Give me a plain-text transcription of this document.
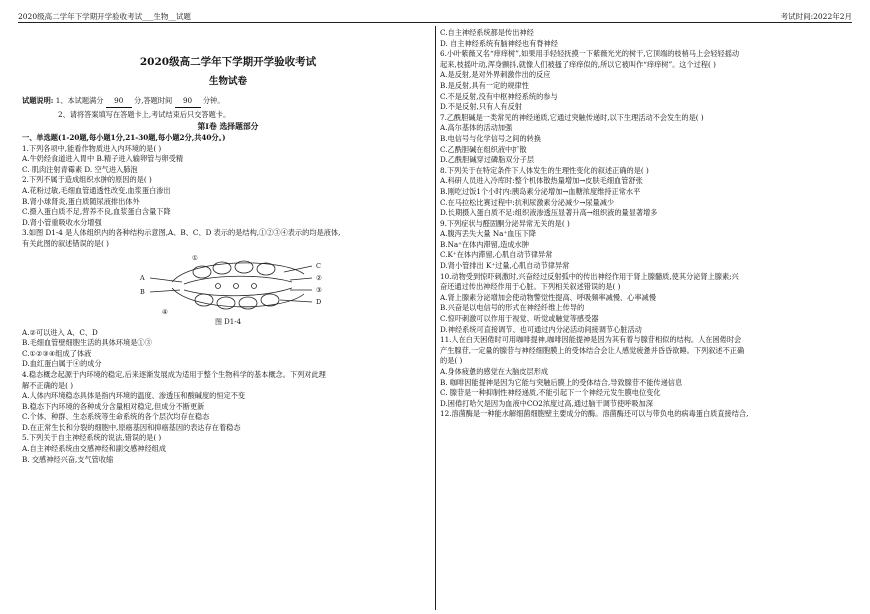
2020级高二学年下学期开学验收考试___生物__试题	考试时间:2022年2月
2020级高二学年下学期开学验收考试
生物试卷
试题说明: 1、本试题满分 90 分,答题时间 90 分钟。
2、请将答案填写在答题卡上,考试结束后只交答题卡。
第Ⅰ卷 选择题部分
一、单选题(1-20题,每小题1分,21-30题,每小题2分,共40分。)
1.下列各项中,能看作物质进入内环境的是( )
A.牛奶经食道进入胃中 B.精子进入输卵管与卵受精
C. 肌肉注射青霉素 D. 空气进入肺泡
2.下列不属于造成组织水肿的原因的是( )
A.花粉过敏,毛细血管通透性改变,血浆蛋白渗出
B.肾小球肾炎,蛋白质随尿液排出体外
C.摄入蛋白质不足,营养不良,血浆蛋白含量下降
D.肾小管重吸收水分增强
3.如图 D1-4 是人体组织内的各种结构示意图,A、B、C、D 表示的是结构,①②③④表示的均是液体,
有关此图的叙述错误的是( )
A
B
C
D
①
②
③
④
图 D1-4
A.②可以进入 A、C、D
B.毛细血管壁细胞生活的具体环境是①③
C.①②③④组成了体液
D.血红蛋白属于④的成分
4.稳态概念起源于内环境的稳定,后来逐渐发展成为适用于整个生物科学的基本概念。下列对此理
解不正确的是( )
A.人体内环境稳态具体是指内环境的温度、渗透压和酸碱度的恒定不变
B.稳态下内环境的各种成分含量相对稳定,但成分不断更新
C.个体、种群、生态系统等生命系统的各个层次均存在稳态
D.在正常生长和分裂的细胞中,原癌基因和抑癌基因的表达存在着稳态
5.下列关于自主神经系统的说法,错误的是( )
A.自主神经系统由交感神经和副交感神经组成
B. 交感神经兴奋,支气管收缩
C.自主神经系统都是传出神经
D. 自主神经系统有脑神经也有脊神经
6.小叶紫薇又名“痒痒树”,如果用手轻轻抚摸一下紫薇光光的树干,它顶端的枝梢马上会轻轻摇动
起来,枝摇叶动,浑身颤抖,就像人们被搔了痒痒似的,所以它被叫作“痒痒树”。这个过程( )
A.是反射,是对外界刺激作出的反应
B.是反射,具有一定的规律性
C.不是反射,没有中枢神经系统的参与
D.不是反射,只有人有反射
7.乙酰胆碱是一类常见的神经递质,它通过突触传递时,以下生理活动不会发生的是( )
A.高尔基体的活动加强
B.电信号与化学信号之间的转换
C.乙酰胆碱在组织液中扩散
D.乙酰胆碱穿过磷脂双分子层
8.下列关于在特定条件下人体发生的生理性变化的叙述正确的是( )
A.科研人员进入冷库时:整个机体散热量增加→皮肤毛细血管舒张
B.刚吃过饭1个小时内:胰岛素分泌增加→血糖浓度维持正常水平
C.在马拉松比赛过程中:抗利尿激素分泌减少→尿量减少
D.长期摄入蛋白质不足:组织液渗透压显著升高→组织液的量显著增多
9.下列症状与醛固酮分泌异常无关的是( )
A.腹泻丢失大量 Na⁺血压下降
B.Na⁺在体内滞留,造成水肿
C.K⁺在体内滞留,心肌自动节律异常
D.肾小管排出 K⁺过量,心肌自动节律异常
10.动物受到惊吓刺激时,兴奋经过反射弧中的传出神经作用于肾上腺髓质,使其分泌肾上腺素;兴
奋还通过传出神经作用于心脏。下列相关叙述错误的是( )
A.肾上腺素分泌增加会使动物警觉性提高、呼吸频率减慢、心率减慢
B.兴奋是以电信号的形式在神经纤维上传导的
C.惊吓刺激可以作用于视觉、听觉或触觉等感受器
D.神经系统可直接调节、也可通过内分泌活动间接调节心脏活动
11.人在白天困倦时可用咖啡提神,咖啡因能提神是因为其有着与腺苷相似的结构。人在困倦时会
产生腺苷,一定量的腺苷与神经细胞膜上的受体结合会让人感觉疲惫并昏昏欲睡。下列叙述不正确
的是( )
A.身体疲惫的感觉在大脑皮层形成
B. 咖啡因能提神是因为它能与突触后膜上的受体结合,导致腺苷不能传递信息
C. 腺苷是一种抑制性神经递质,不能引起下一个神经元发生膜电位变化
D.困倦打哈欠是因为血液中CO2浓度过高,通过脑干调节使呼吸加深
12.溶菌酶是一种能水解细菌细胞壁主要成分的酶。溶菌酶还可以与带负电的病毒蛋白质直接结合,
